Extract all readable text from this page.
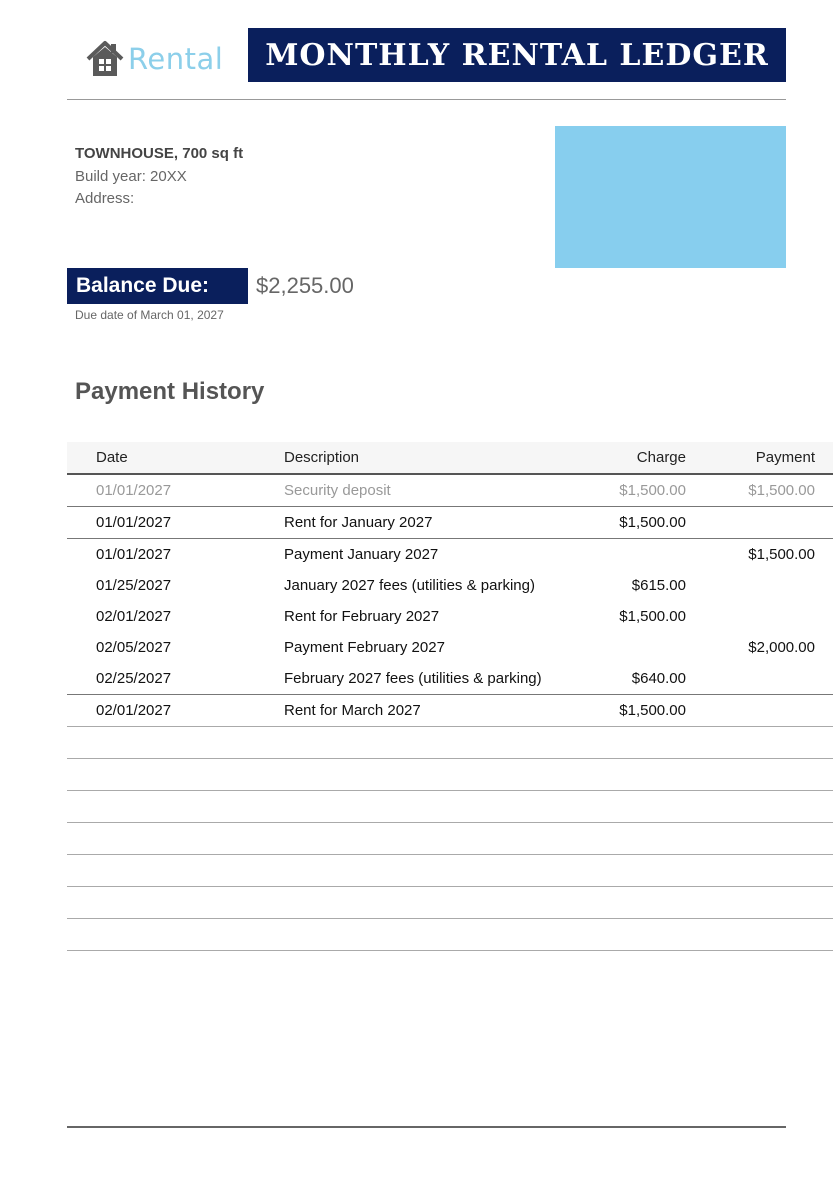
Rental	MONTHLY RENTAL LEDGER
TOWNHOUSE, 700 sq ft
Build year: 20XX
Address:
Balance Due:	$2,255.00
Due date of March 01, 2027
Payment History
Date	Description	Charge	Payment
01/01/2027	Security deposit	$1,500.00	$1,500.00
01/01/2027	Rent for January 2027	$1,500.00	
01/01/2027	Payment January 2027		$1,500.00
01/25/2027	January 2027 fees (utilities & parking)	$615.00	
02/01/2027	Rent for February 2027	$1,500.00	
02/05/2027	Payment February 2027		$2,000.00
02/25/2027	February 2027 fees (utilities & parking)	$640.00	
02/01/2027	Rent for March 2027	$1,500.00	
